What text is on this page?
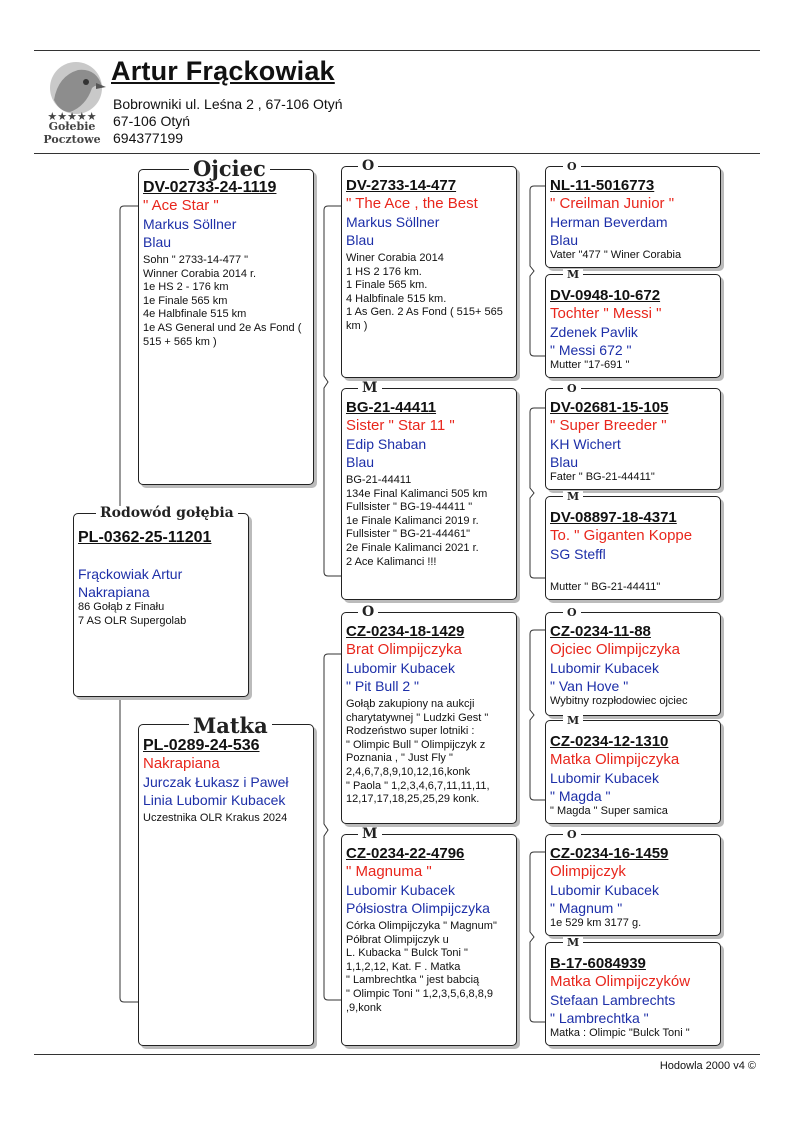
★★★★★
Gołebie
Pocztowe
Artur Frąckowiak
Bobrowniki ul. Leśna 2 , 67-106 Otyń
67-106 Otyń
694377199
PL-0362-25-11201
Frąckowiak Artur
Nakrapiana
86 Gołąb z Finału
7 AS OLR Supergolab
Rodowód gołębia
DV-02733-24-1119
" Ace Star "
Markus Söllner
Blau
Sohn " 2733-14-477 "
Winner Corabia 2014 r.
1e HS 2 - 176 km
1e Finale 565 km
4e Halbfinale 515 km
1e AS General und 2e As Fond ( 515 + 565 km )
Ojciec
PL-0289-24-536
Nakrapiana
Jurczak Łukasz i Paweł
Linia Lubomir Kubacek
Uczestnika OLR Krakus 2024
Matka
DV-2733-14-477
" The Ace , the Best
Markus Söllner
Blau
Winer Corabia 2014
1 HS 2 176 km.
1 Finale 565 km.
4 Halbfinale 515 km.
1 As Gen. 2 As Fond ( 515+ 565 km )
O
BG-21-44411
Sister " Star 11 "
Edip Shaban
Blau
BG-21-44411
134e Final Kalimanci 505 km
Fullsister " BG-19-44411 "
1e Finale Kalimanci 2019 r.
Fullsister " BG-21-44461"
2e Finale Kalimanci 2021 r.
2 Ace Kalimanci !!!
M
CZ-0234-18-1429
Brat Olimpijczyka
Lubomir Kubacek
" Pit Bull 2 "
Gołąb zakupiony na aukcji charytatywnej " Ludzki Gest "
Rodzeństwo super lotniki :
" Olimpic Bull " Olimpijczyk z Poznania , " Just Fly " 2,4,6,7,8,9,10,12,16,konk
" Paola " 1,2,3,4,6,7,11,11,11, 12,17,17,18,25,25,29 konk.
O
CZ-0234-22-4796
" Magnuma "
Lubomir Kubacek
Półsiostra Olimpijczyka
Córka Olimpijczyka " Magnum"
Półbrat Olimpijczyk u
L. Kubacka " Bulck Toni "
1,1,2,12, Kat. F . Matka
" Lambrechtka " jest babcią
" Olimpic Toni " 1,2,3,5,6,8,8,9 ,9,konk
M
NL-11-5016773
" Creilman Junior "
Herman Beverdam
Blau
Vater "477 " Winer Corabia
O
DV-0948-10-672
Tochter " Messi "
Zdenek Pavlik
" Messi 672 "
Mutter "17-691 "
M
DV-02681-15-105
" Super Breeder "
KH Wichert
Blau
Fater " BG-21-44411"
O
DV-08897-18-4371
To. " Giganten Koppe
SG Steffl
Mutter " BG-21-44411"
M
CZ-0234-11-88
Ojciec Olimpijczyka
Lubomir Kubacek
" Van Hove "
Wybitny rozpłodowiec ojciec
O
CZ-0234-12-1310
Matka Olimpijczyka
Lubomir Kubacek
" Magda "
" Magda " Super samica
M
CZ-0234-16-1459
Olimpijczyk
Lubomir Kubacek
" Magnum "
1e 529 km 3177 g.
O
B-17-6084939
Matka Olimpijczyków
Stefaan Lambrechts
" Lambrechtka "
Matka : Olimpic "Bulck Toni "
M
Hodowla 2000 v4 ©
